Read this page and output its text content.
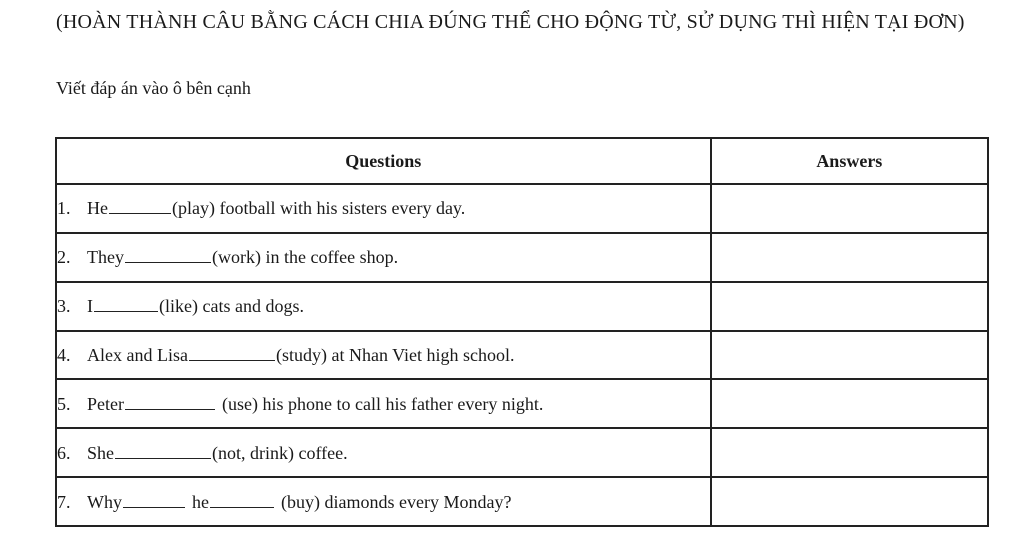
(HOÀN THÀNH CÂU BẰNG CÁCH CHIA ĐÚNG THỂ CHO ĐỘNG TỪ, SỬ DỤNG THÌ HIỆN TẠI ĐƠN)
Viết đáp án vào ô bên cạnh
Questions	Answers
1. He (play) football with his sisters every day.	
2. They (work) in the coffee shop.	
3. I (like) cats and dogs.	
4. Alex and Lisa (study) at Nhan Viet high school.	
5. Peter (use) his phone to call his father every night.	
6. She (not, drink) coffee.	
7. Why he (buy) diamonds every Monday?	
